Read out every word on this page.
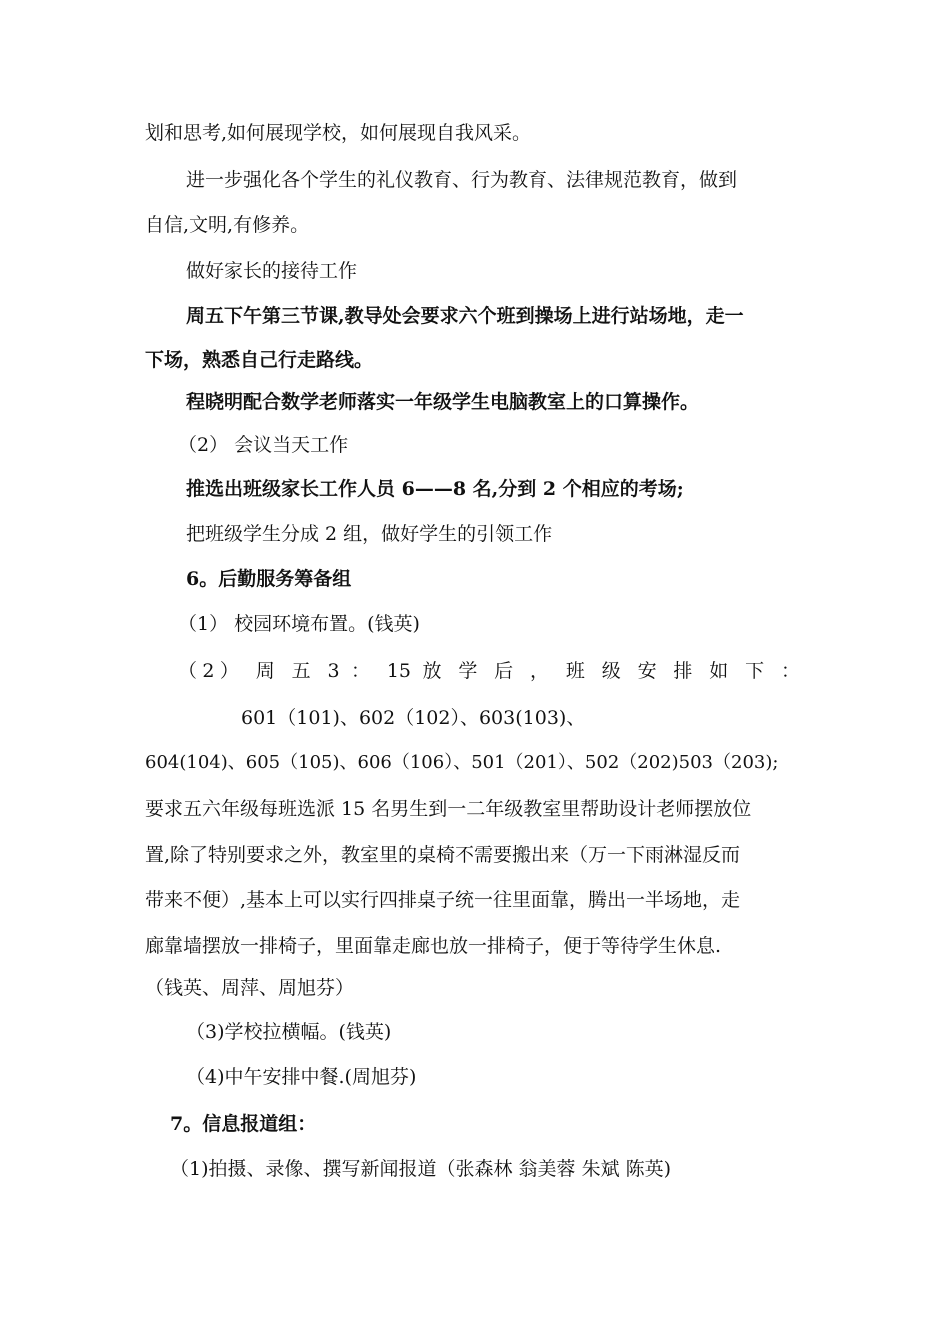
划和思考,如何展现学校，如何展现自我风采。
进一步强化各个学生的礼仪教育、行为教育、法律规范教育，做到
自信,文明,有修养。
做好家长的接待工作
周五下午第三节课,教导处会要求六个班到操场上进行站场地，走一
下场，熟悉自己行走路线。
程晓明配合数学老师落实一年级学生电脑教室上的口算操作。
（2） 会议当天工作
推选出班级家长工作人员 6——8 名,分到 2 个相应的考场;
把班级学生分成 2 组，做好学生的引领工作
6。后勤服务筹备组
（1） 校园环境布置。(钱英)
（2） 周 五 3 ： 15 放 学 后 ， 班 级 安 排 如 下 ：
601（101)、602（102）、603(103)、
604(104)、605（105)、606（106）、501（201）、502（202)503（203);
要求五六年级每班选派 15 名男生到一二年级教室里帮助设计老师摆放位
置,除了特别要求之外，教室里的桌椅不需要搬出来（万一下雨淋湿反而
带来不便）,基本上可以实行四排桌子统一往里面靠，腾出一半场地，走
廊靠墙摆放一排椅子，里面靠走廊也放一排椅子，便于等待学生休息.
（钱英、周萍、周旭芬）
（3)学校拉横幅。(钱英)
（4)中午安排中餐.(周旭芬)
7。信息报道组：
（1)拍摄、录像、撰写新闻报道（张森林 翁美蓉 朱斌 陈英)
